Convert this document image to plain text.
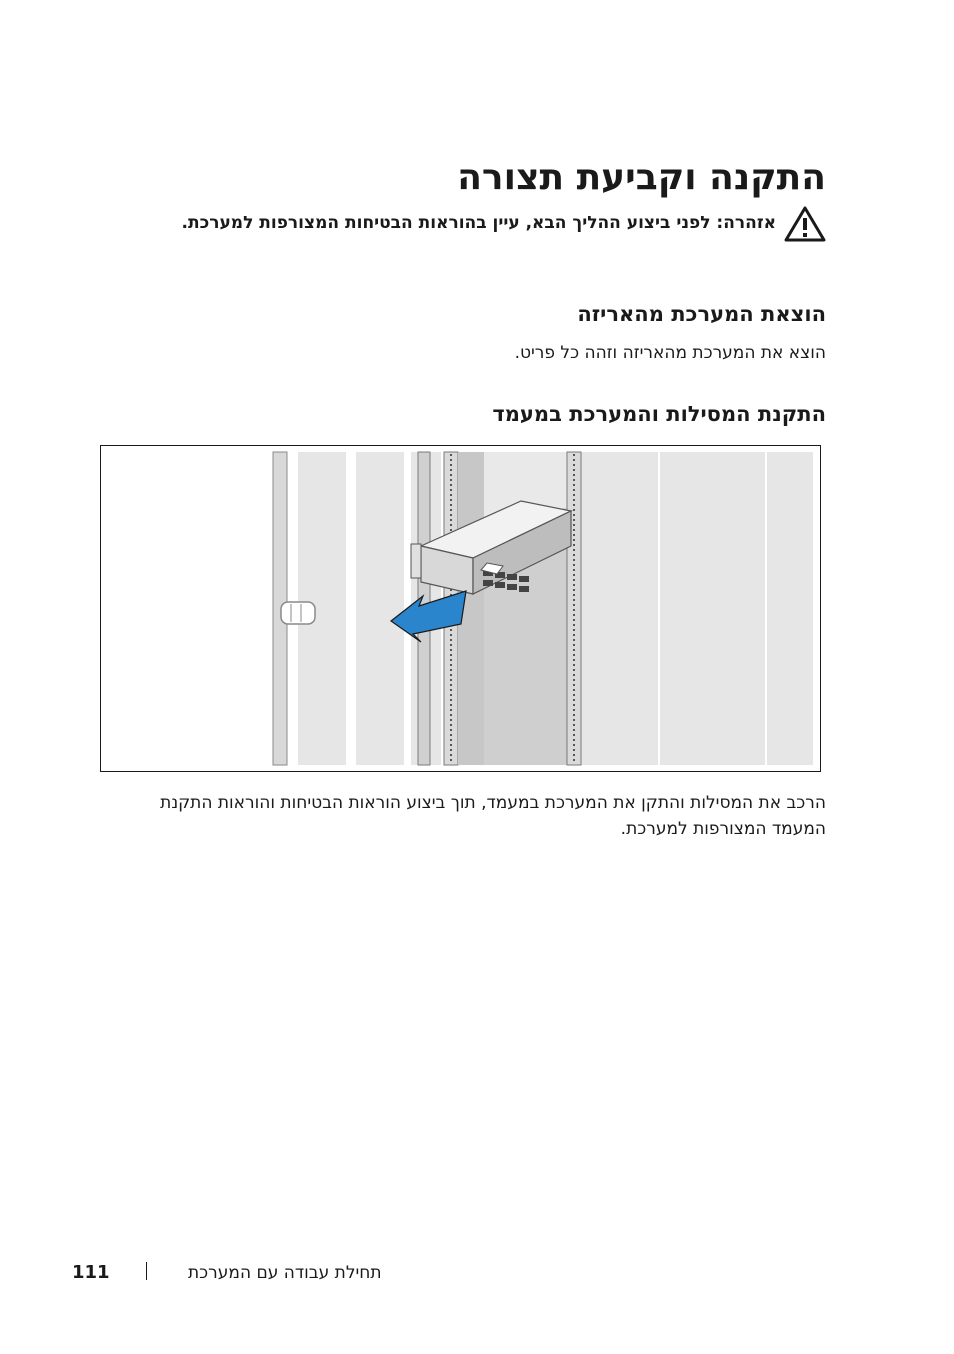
התקנה וקביעת תצורה
אזהרה: לפני ביצוע ההליך הבא, עיין בהוראות הבטיחות המצורפות למערכת.
הוצאת המערכת מהאריזה

הוצא את המערכת מהאריזה וזהה כל פריט.

התקנת המסילות והמערכת במעמד

הרכב את המסילות והתקן את המערכת במעמד, תוך ביצוע הוראות הבטיחות והוראות התקנת המעמד המצורפות למערכת.

111	תחילת עבודה עם המערכת
